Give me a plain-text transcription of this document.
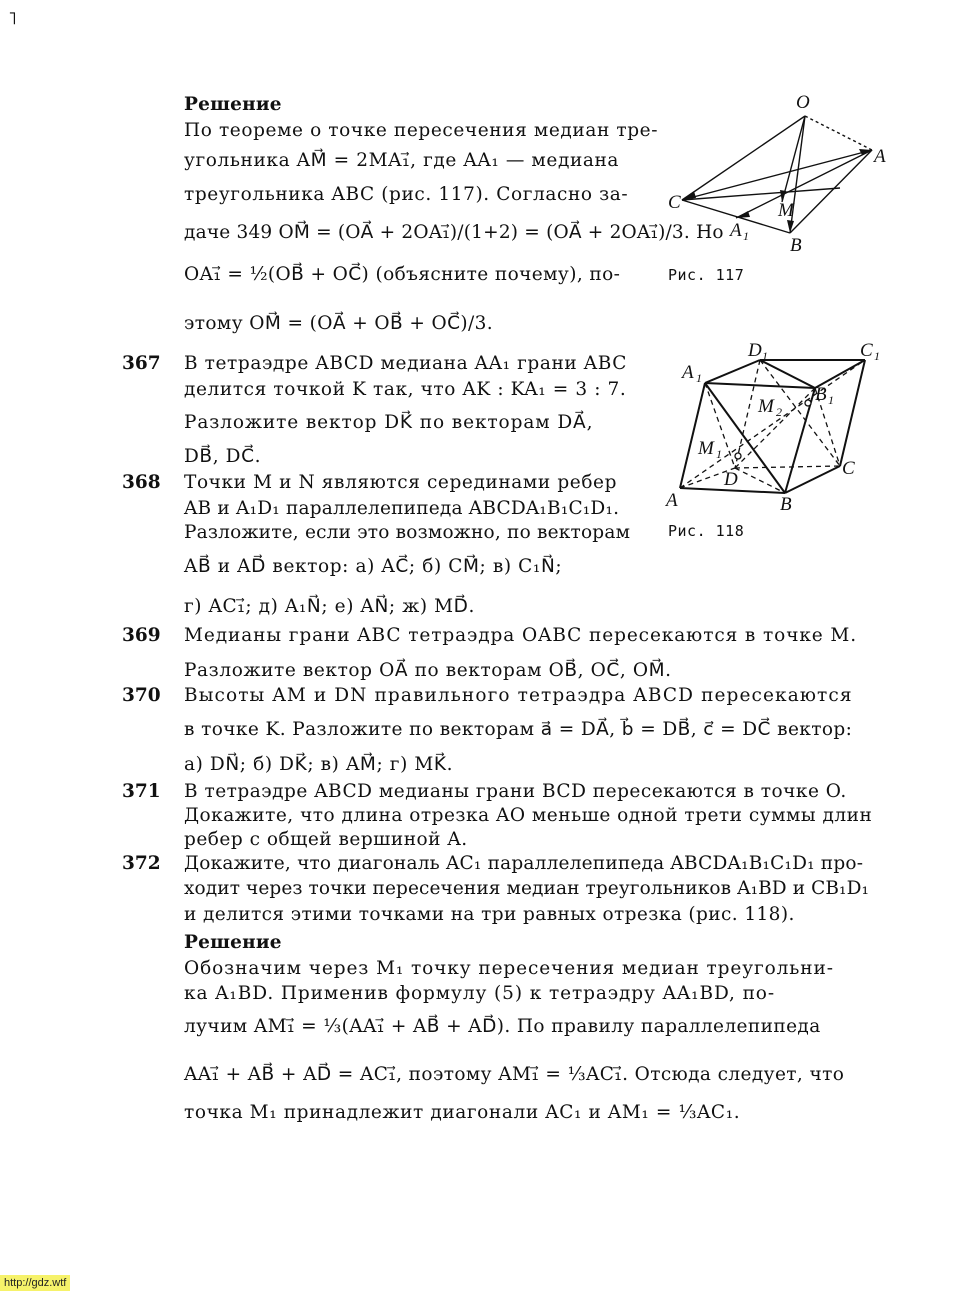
˥
Решение
По теореме о точке пересечения медиан тре-
угольника AM⃗ = 2MA₁⃗, где AA₁ — медиана
треугольника ABC (рис. 117). Согласно за-
даче 349 OM⃗ = (OA⃗ + 2OA₁⃗)/(1+2) = (OA⃗ + 2OA₁⃗)/3. Но
OA₁⃗ = ½(OB⃗ + OC⃗) (объясните почему), по-
этому OM⃗ = (OA⃗ + OB⃗ + OC⃗)/3.
367 В тетраэдре ABCD медиана AA₁ грани ABC
делится точкой K так, что AK : KA₁ = 3 : 7.
Разложите вектор DK⃗ по векторам DA⃗,
DB⃗, DC⃗.
368 Точки M и N являются серединами ребер
AB и A₁D₁ параллелепипеда ABCDA₁B₁C₁D₁.
Разложите, если это возможно, по векторам
AB⃗ и AD⃗ вектор: а) AC⃗; б) CM⃗; в) C₁N⃗;
г) AC₁⃗; д) A₁N⃗; е) AN⃗; ж) MD⃗.
369 Медианы грани ABC тетраэдра OABC пересекаются в точке M.
Разложите вектор OA⃗ по векторам OB⃗, OC⃗, OM⃗.
370 Высоты AM и DN правильного тетраэдра ABCD пересекаются
в точке K. Разложите по векторам a⃗ = DA⃗, b⃗ = DB⃗, c⃗ = DC⃗ вектор:
а) DN⃗; б) DK⃗; в) AM⃗; г) MK⃗.
371 В тетраэдре ABCD медианы грани BCD пересекаются в точке O.
Докажите, что длина отрезка AO меньше одной трети суммы длин
ребер с общей вершиной A.
372 Докажите, что диагональ AC₁ параллелепипеда ABCDA₁B₁C₁D₁ про-
ходит через точки пересечения медиан треугольников A₁BD и CB₁D₁
и делится этими точками на три равных отрезка (рис. 118).
Решение
Обозначим через M₁ точку пересечения медиан треугольни-
ка A₁BD. Применив формулу (5) к тетраэдру AA₁BD, по-
лучим AM₁⃗ = ⅓(AA₁⃗ + AB⃗ + AD⃗). По правилу параллелепипеда
AA₁⃗ + AB⃗ + AD⃗ = AC₁⃗, поэтому AM₁⃗ = ⅓AC₁⃗. Отсюда следует, что
точка M₁ принадлежит диагонали AC₁ и AM₁ = ⅓AC₁.
O
A
C	M
A 1 B
Рис. 117
D 1	C 1
A 1
B 1
M 2
M 1
D
C
A	B
Рис. 118
http://gdz.wtf
